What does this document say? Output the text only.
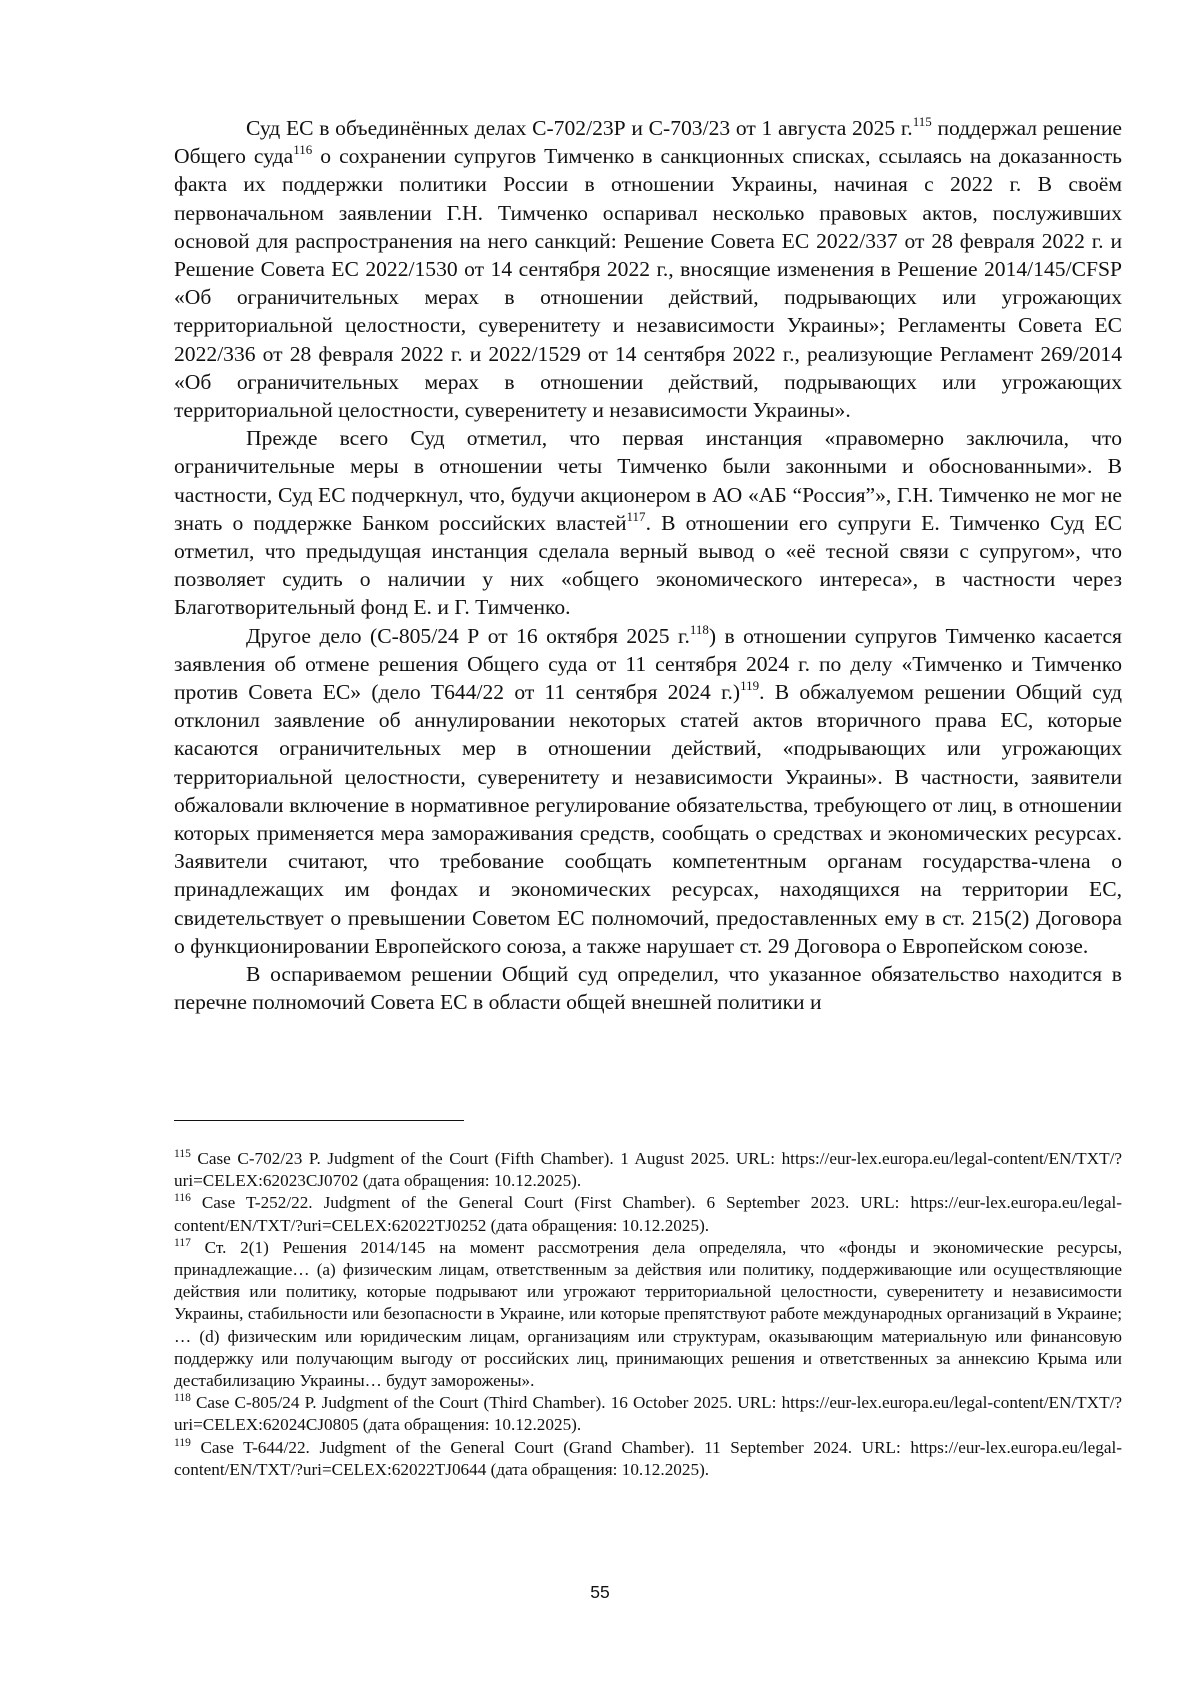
Суд ЕС в объединённых делах С-702/23Р и С-703/23 от 1 августа 2025 г.$^{115}$ поддержал решение Общего суда$^{116}$ о сохранении супругов Тимченко в санкционных списках, ссылаясь на доказанность факта их поддержки политики России в отношении Украины, начиная с 2022 г. В своём первоначальном заявлении Г.Н. Тимченко оспаривал несколько правовых актов, послуживших основой для распространения на него санкций: Решение Совета ЕС 2022/337 от 28 февраля 2022 г. и Решение Совета ЕС 2022/1530 от 14 сентября 2022 г., вносящие изменения в Решение 2014/145/CFSP «Об ограничительных мерах в отношении действий, подрывающих или угрожающих территориальной целостности, суверенитету и независимости Украины»; Регламенты Совета ЕС 2022/336 от 28 февраля 2022 г. и 2022/1529 от 14 сентября 2022 г., реализующие Регламент 269/2014 «Об ограничительных мерах в отношении действий, подрывающих или угрожающих территориальной целостности, суверенитету и независимости Украины».

Прежде всего Суд отметил, что первая инстанция «правомерно заключила, что ограничительные меры в отношении четы Тимченко были законными и обоснованными». В частности, Суд ЕС подчеркнул, что, будучи акционером в АО «АБ “Россия”», Г.Н. Тимченко не мог не знать о поддержке Банком российских властей$^{117}$. В отношении его супруги Е. Тимченко Суд ЕС отметил, что предыдущая инстанция сделала верный вывод о «её тесной связи с супругом», что позволяет судить о наличии у них «общего экономического интереса», в частности через Благотворительный фонд Е. и Г. Тимченко.

Другое дело (С-805/24 Р от 16 октября 2025 г.$^{118}$) в отношении супругов Тимченко касается заявления об отмене решения Общего суда от 11 сентября 2024 г. по делу «Тимченко и Тимченко против Совета ЕС» (дело Т644/22 от 11 сентября 2024 г.)$^{119}$. В обжалуемом решении Общий суд отклонил заявление об аннулировании некоторых статей актов вторичного права ЕС, которые касаются ограничительных мер в отношении действий, «подрывающих или угрожающих территориальной целостности, суверенитету и независимости Украины». В частности, заявители обжаловали включение в нормативное регулирование обязательства, требующего от лиц, в отношении которых применяется мера замораживания средств, сообщать о средствах и экономических ресурсах. Заявители считают, что требование сообщать компетентным органам государства-члена о принадлежащих им фондах и экономических ресурсах, находящихся на территории ЕС, свидетельствует о превышении Советом ЕС полномочий, предоставленных ему в ст. 215(2) Договора о функционировании Европейского союза, а также нарушает ст. 29 Договора о Европейском союзе.

В оспариваемом решении Общий суд определил, что указанное обязательство находится в перечне полномочий Совета ЕС в области общей внешней политики и

$^{115}$ Case C-702/23 P. Judgment of the Court (Fifth Chamber). 1 August 2025. URL: https://eur-lex.europa.eu/legal-content/EN/TXT/?uri=CELEX:62023CJ0702 (дата обращения: 10.12.2025).

$^{116}$ Case T-252/22. Judgment of the General Court (First Chamber). 6 September 2023. URL: https://eur-lex.europa.eu/legal-content/EN/TXT/?uri=CELEX:62022TJ0252 (дата обращения: 10.12.2025).

$^{117}$ Ст. 2(1) Решения 2014/145 на момент рассмотрения дела определяла, что «фонды и экономические ресурсы, принадлежащие… (a) физическим лицам, ответственным за действия или политику, поддерживающие или осуществляющие действия или политику, которые подрывают или угрожают территориальной целостности, суверенитету и независимости Украины, стабильности или безопасности в Украине, или которые препятствуют работе международных организаций в Украине; … (d) физическим или юридическим лицам, организациям или структурам, оказывающим материальную или финансовую поддержку или получающим выгоду от российских лиц, принимающих решения и ответственных за аннексию Крыма или дестабилизацию Украины… будут заморожены».

$^{118}$ Case C-805/24 P. Judgment of the Court (Third Chamber). 16 October 2025. URL: https://eur-lex.europa.eu/legal-content/EN/TXT/?uri=CELEX:62024CJ0805 (дата обращения: 10.12.2025).

$^{119}$ Case T-644/22. Judgment of the General Court (Grand Chamber). 11 September 2024. URL: https://eur-lex.europa.eu/legal-content/EN/TXT/?uri=CELEX:62022TJ0644 (дата обращения: 10.12.2025).

55
